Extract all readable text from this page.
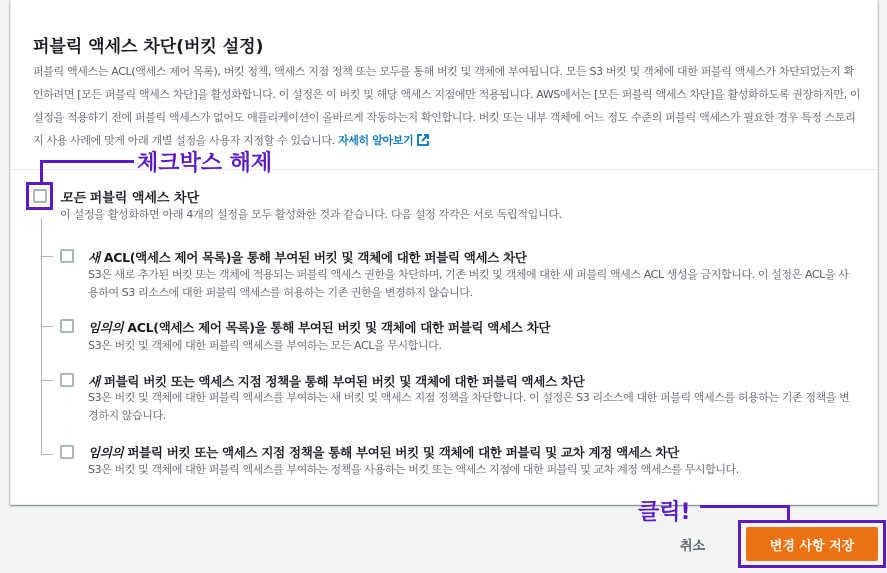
퍼블릭 액세스 차단(버킷 설정)
퍼블릭 액세스는 ACL(액세스 제어 목록), 버킷 정책, 액세스 지점 정책 또는 모두를 통해 버킷 및 객체에 부여됩니다. 모든 S3 버킷 및 객체에 대한 퍼블릭 액세스가 차단되었는지 확인하려면 [모든 퍼블릭 액세스 차단]을 활성화합니다. 이 설정은 이 버킷 및 해당 액세스 지점에만 적용됩니다. AWS에서는 [모든 퍼블릭 액세스 차단]을 활성화하도록 권장하지만, 이 설정을 적용하기 전에 퍼블릭 액세스가 없어도 애플리케이션이 올바르게 작동하는지 확인합니다. 버킷 또는 내부 객체에 어느 정도 수준의 퍼블릭 액세스가 필요한 경우 특정 스토리지 사용 사례에 맞게 아래 개별 설정을 사용자 지정할 수 있습니다. 자세히 알아보기
모든 퍼블릭 액세스 차단
이 설정을 활성화하면 아래 4개의 설정을 모두 활성화한 것과 같습니다. 다음 설정 각각은 서로 독립적입니다.
새 ACL(액세스 제어 목록)을 통해 부여된 버킷 및 객체에 대한 퍼블릭 액세스 차단
S3은 새로 추가된 버킷 또는 객체에 적용되는 퍼블릭 액세스 권한을 차단하며, 기존 버킷 및 객체에 대한 새 퍼블릭 액세스 ACL 생성을 금지합니다. 이 설정은 ACL을 사용하여 S3 리소스에 대한 퍼블릭 액세스를 허용하는 기존 권한을 변경하지 않습니다.
임의의 ACL(액세스 제어 목록)을 통해 부여된 버킷 및 객체에 대한 퍼블릭 액세스 차단
S3은 버킷 및 객체에 대한 퍼블릭 액세스를 부여하는 모든 ACL을 무시합니다.
새 퍼블릭 버킷 또는 액세스 지점 정책을 통해 부여된 버킷 및 객체에 대한 퍼블릭 액세스 차단
S3은 버킷 및 객체에 대한 퍼블릭 액세스를 부여하는 새 버킷 및 액세스 지점 정책을 차단합니다. 이 설정은 S3 리소스에 대한 퍼블릭 액세스를 허용하는 기존 정책을 변경하지 않습니다.
임의의 퍼블릭 버킷 또는 액세스 지점 정책을 통해 부여된 버킷 및 객체에 대한 퍼블릭 및 교차 계정 액세스 차단
S3은 버킷 및 객체에 대한 퍼블릭 액세스를 부여하는 정책을 사용하는 버킷 또는 액세스 지점에 대한 퍼블릭 및 교차 계정 액세스를 무시합니다.
체크박스 해제
클릭!
취소	변경 사항 저장
